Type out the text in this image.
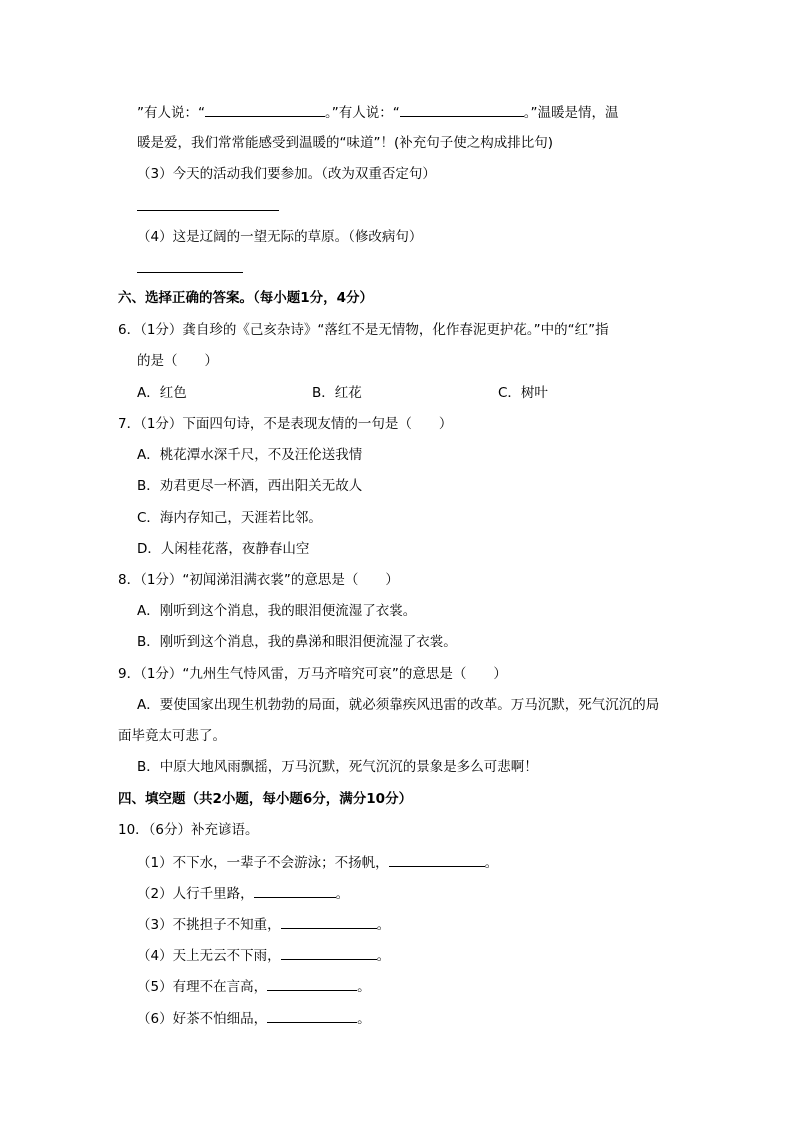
”有人说：“	。”有人说：“	。”温暖是情，温
暖是爱，我们常常能感受到温暖的“味道”！(补充句子使之构成排比句)
（3）今天的活动我们要参加。（改为双重否定句）
（4）这是辽阔的一望无际的草原。（修改病句）
六、选择正确的答案。（每小题1分，4分）
6．（1分）龚自珍的《己亥杂诗》“落红不是无情物，化作春泥更护花。”中的“红”指
的是（　　）
A．红色	B．红花	C．树叶
7．（1分）下面四句诗，不是表现友情的一句是（　　）
A．桃花潭水深千尺，不及汪伦送我情
B．劝君更尽一杯酒，西出阳关无故人
C．海内存知己，天涯若比邻。
D．人闲桂花落，夜静春山空
8．（1分）“初闻涕泪满衣裳”的意思是（　　）
A．刚听到这个消息，我的眼泪便流湿了衣裳。
B．刚听到这个消息，我的鼻涕和眼泪便流湿了衣裳。
9．（1分）“九州生气恃风雷，万马齐喑究可哀”的意思是（　　）
A．要使国家出现生机勃勃的局面，就必须靠疾风迅雷的改革。万马沉默，死气沉沉的局
面毕竟太可悲了。
B．中原大地风雨飘摇，万马沉默，死气沉沉的景象是多么可悲啊！
四、填空题（共2小题，每小题6分，满分10分）
10．（6分）补充谚语。
（1）不下水，一辈子不会游泳；不扬帆，	。
（2）人行千里路，	。
（3）不挑担子不知重，	。
（4）天上无云不下雨，	。
（5）有理不在言高，	。
（6）好茶不怕细品，	。
